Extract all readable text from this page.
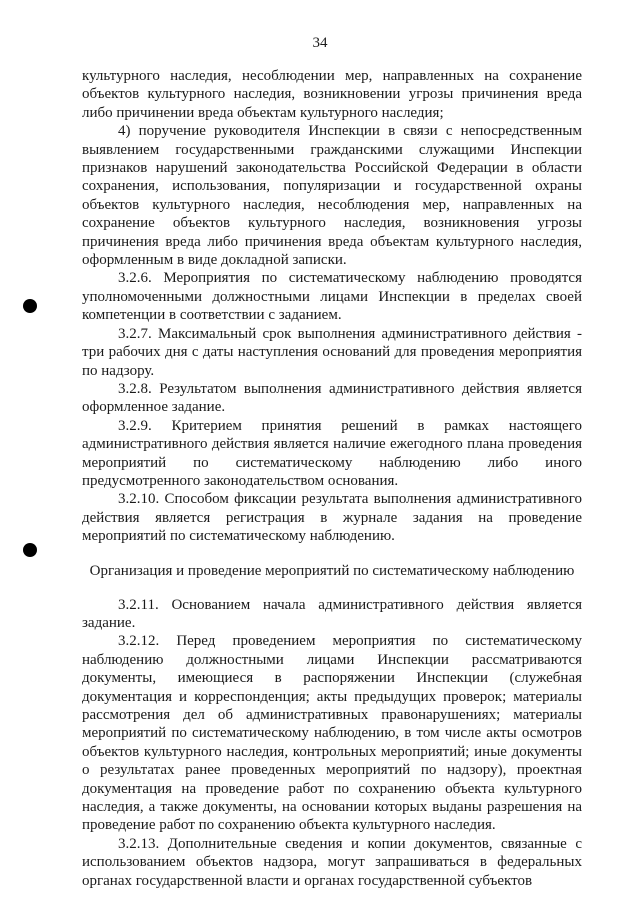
34

культурного наследия, несоблюдении мер, направленных на сохранение объектов культурного наследия, возникновении угрозы причинения вреда либо причинении вреда объектам культурного наследия;

4) поручение руководителя Инспекции в связи с непосредственным выявлением государственными гражданскими служащими Инспекции признаков нарушений законодательства Российской Федерации в области сохранения, использования, популяризации и государственной охраны объектов культурного наследия, несоблюдения мер, направленных на сохранение объектов культурного наследия, возникновения угрозы причинения вреда либо причинения вреда объектам культурного наследия, оформленным в виде докладной записки.

3.2.6. Мероприятия по систематическому наблюдению проводятся уполномоченными должностными лицами Инспекции в пределах своей компетенции в соответствии с заданием.

3.2.7. Максимальный срок выполнения административного действия - три рабочих дня с даты наступления оснований для проведения мероприятия по надзору.

3.2.8. Результатом выполнения административного действия является оформленное задание.

3.2.9. Критерием принятия решений в рамках настоящего административного действия является наличие ежегодного плана проведения мероприятий по систематическому наблюдению либо иного предусмотренного законодательством основания.

3.2.10. Способом фиксации результата выполнения административного действия является регистрация в журнале задания на проведение мероприятий по систематическому наблюдению.

Организация и проведение мероприятий по систематическому наблюдению

3.2.11. Основанием начала административного действия является задание.

3.2.12. Перед проведением мероприятия по систематическому наблюдению должностными лицами Инспекции рассматриваются документы, имеющиеся в распоряжении Инспекции (служебная документация и корреспонденция; акты предыдущих проверок; материалы рассмотрения дел об административных правонарушениях; материалы мероприятий по систематическому наблюдению, в том числе акты осмотров объектов культурного наследия, контрольных мероприятий; иные документы о результатах ранее проведенных мероприятий по надзору), проектная документация на проведение работ по сохранению объекта культурного наследия, а также документы, на основании которых выданы разрешения на проведение работ по сохранению объекта культурного наследия.

3.2.13. Дополнительные сведения и копии документов, связанные с использованием объектов надзора, могут запрашиваться в федеральных органах государственной власти и органах государственной субъектов
